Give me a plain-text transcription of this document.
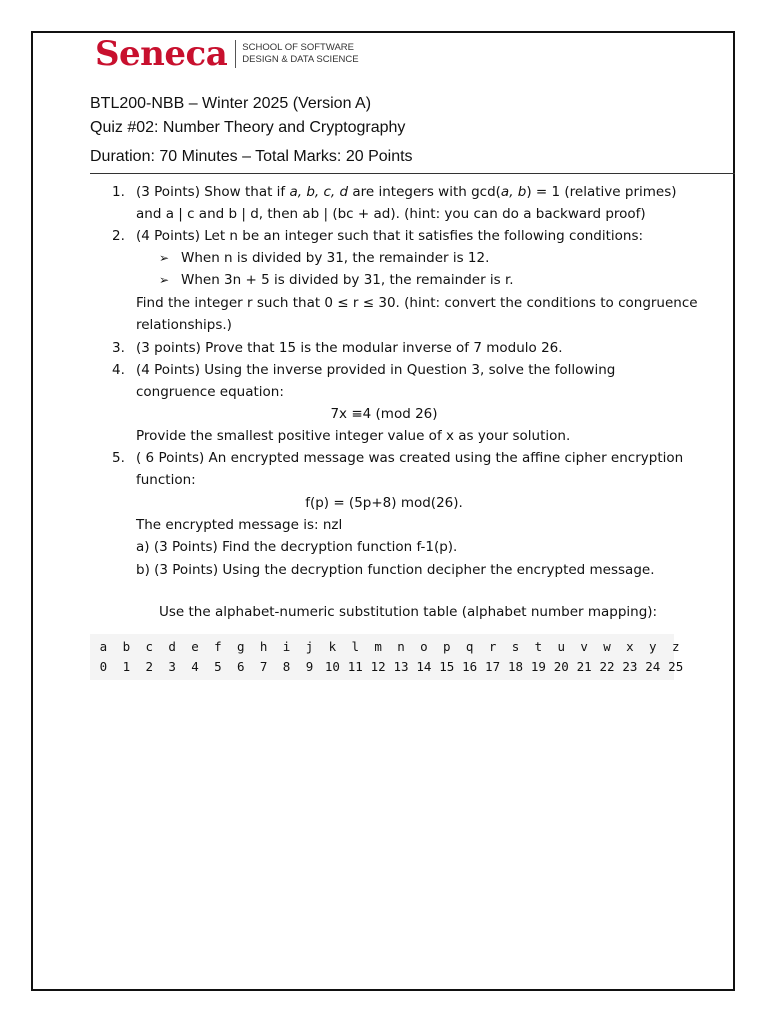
Seneca SCHOOL OF SOFTWARE
DESIGN & DATA SCIENCE
BTL200-NBB – Winter 2025 (Version A)
Quiz #02: Number Theory and Cryptography
Duration: 70 Minutes – Total Marks: 20 Points
1. (3 Points) Show that if a, b, c, d are integers with gcd(a, b) = 1 (relative primes)
and a | c and b | d, then ab | (bc + ad). (hint: you can do a backward proof)
2. (4 Points) Let n be an integer such that it satisfies the following conditions:
➢ When n is divided by 31, the remainder is 12.
➢ When 3n + 5 is divided by 31, the remainder is r.
Find the integer r such that 0 ≤ r ≤ 30. (hint: convert the conditions to congruence
relationships.)
3. (3 points) Prove that 15 is the modular inverse of 7 modulo 26.
4. (4 Points) Using the inverse provided in Question 3, solve the following
congruence equation:
7x ≡4 (mod 26)
Provide the smallest positive integer value of x as your solution.
5. ( 6 Points) An encrypted message was created using the affine cipher encryption
function:
f(p) = (5p+8) mod(26).
The encrypted message is: nzl
a) (3 Points) Find the decryption function f-1(p).
b) (3 Points) Using the decryption function decipher the encrypted message.
Use the alphabet-numeric substitution table (alphabet number mapping):
a b c d e f g h i j k l m n o p q r s t u v w x y z
0 1 2 3 4 5 6 7 8 9 10 11 12 13 14 15 16 17 18 19 20 21 22 23 24 25
